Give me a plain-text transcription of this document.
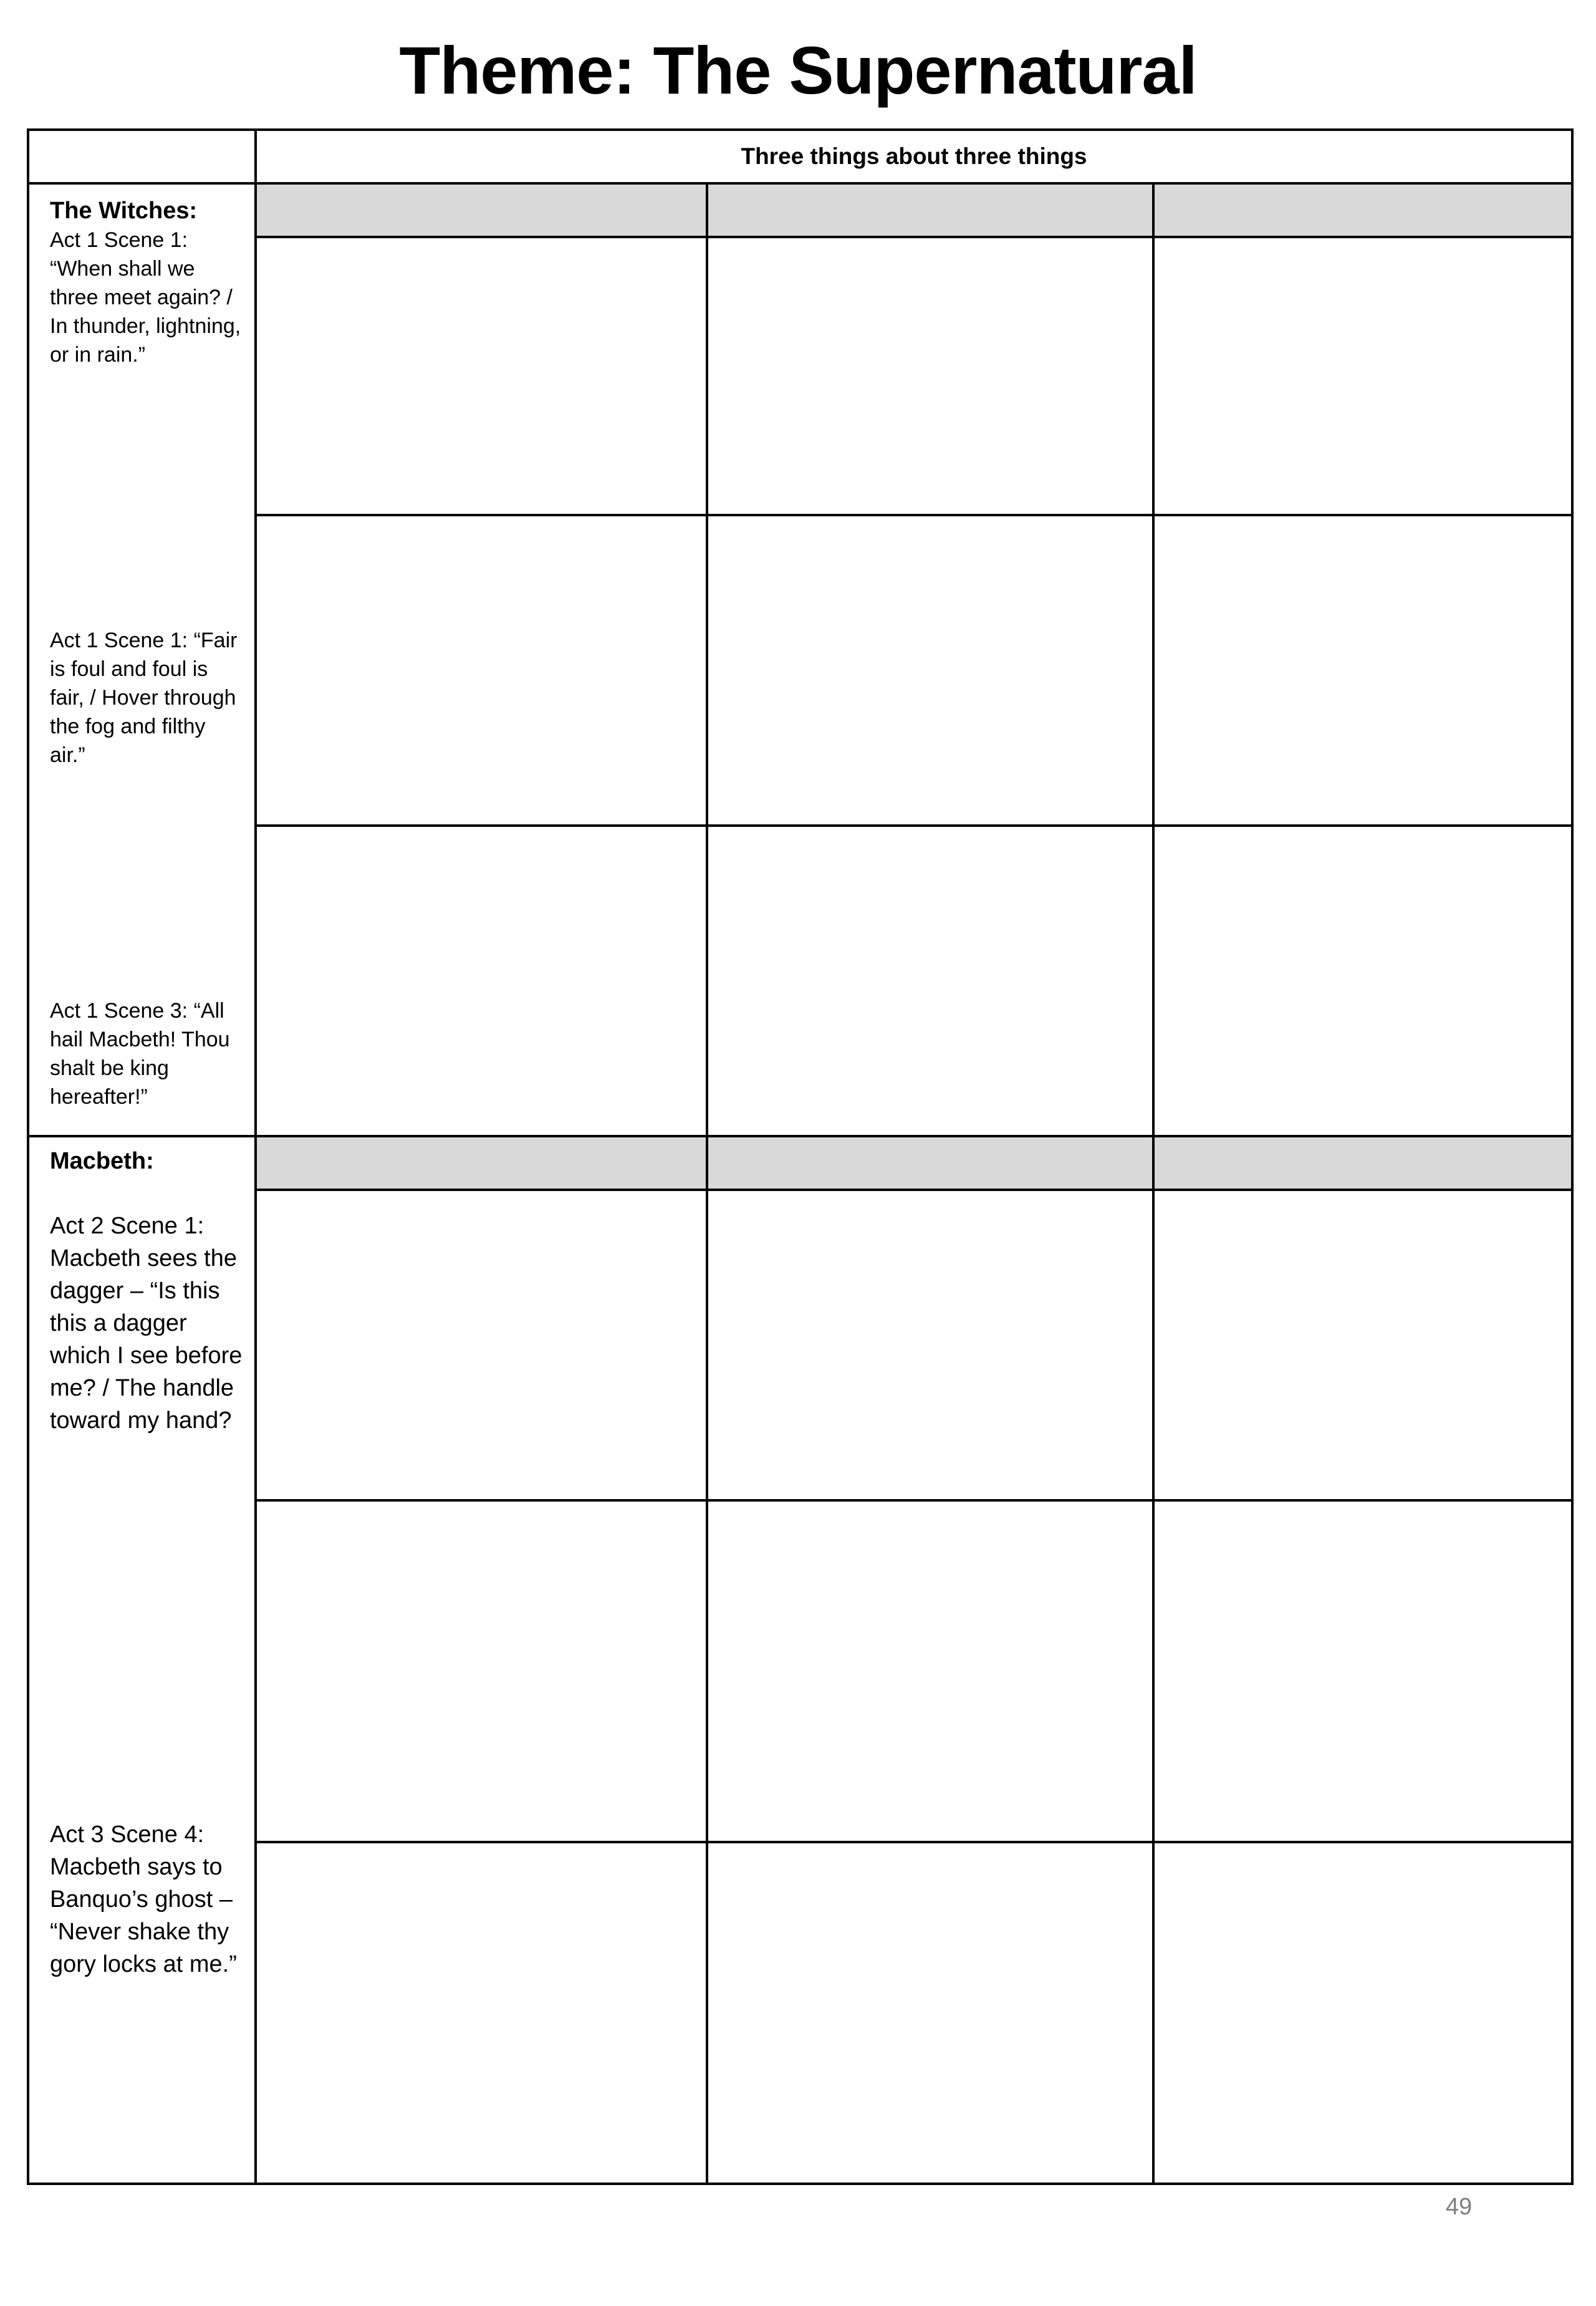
Theme: The Supernatural
Three things about three things
The Witches:
Act 1 Scene 1: “When shall we three meet again? / In thunder, lightning, or in rain.”
Act 1 Scene 1: “Fair is foul and foul is fair, / Hover through the fog and filthy air.”
Act 1 Scene 3: “All hail Macbeth! Thou shalt be king hereafter!”
Macbeth:
Act 2 Scene 1: Macbeth sees the dagger – “Is this this a dagger which I see before me? / The handle toward my hand?
Act 3 Scene 4: Macbeth says to Banquo’s ghost – “Never shake thy gory locks at me.”
49
